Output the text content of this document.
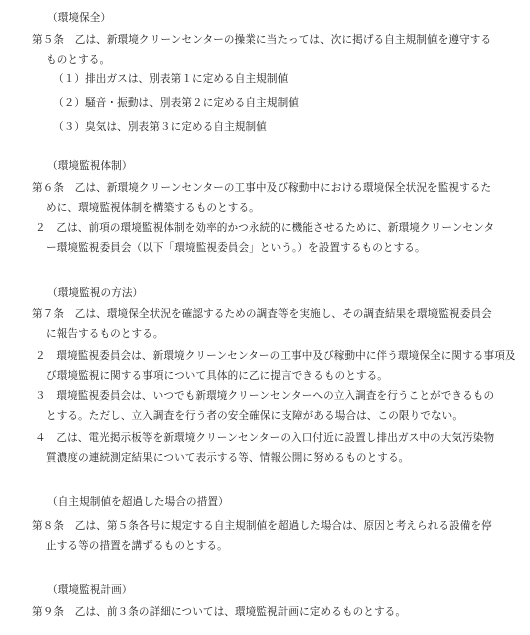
（環境保全）
第５条　乙は、新環境クリーンセンターの操業に当たっては、次に掲げる自主規制値を遵守する
ものとする。
（１）排出ガスは、別表第１に定める自主規制値
（２）騒音・振動は、別表第２に定める自主規制値
（３）臭気は、別表第３に定める自主規制値
（環境監視体制）
第６条　乙は、新環境クリーンセンターの工事中及び稼動中における環境保全状況を監視するた
めに、環境監視体制を構築するものとする。
２　乙は、前項の環境監視体制を効率的かつ永続的に機能させるために、新環境クリーンセンタ
ー環境監視委員会（以下「環境監視委員会」という。）を設置するものとする。
（環境監視の方法）
第７条　乙は、環境保全状況を確認するための調査等を実施し、その調査結果を環境監視委員会
に報告するものとする。
２　環境監視委員会は、新環境クリーンセンターの工事中及び稼動中に伴う環境保全に関する事項及
び環境監視に関する事項について具体的に乙に提言できるものとする。
３　環境監視委員会は、いつでも新環境クリーンセンターへの立入調査を行うことができるもの
とする。ただし、立入調査を行う者の安全確保に支障がある場合は、この限りでない。
４　乙は、電光掲示板等を新環境クリーンセンターの入口付近に設置し排出ガス中の大気汚染物
質濃度の連続測定結果について表示する等、情報公開に努めるものとする。
（自主規制値を超過した場合の措置）
第８条　乙は、第５条各号に規定する自主規制値を超過した場合は、原因と考えられる設備を停
止する等の措置を講ずるものとする。
（環境監視計画）
第９条　乙は、前３条の詳細については、環境監視計画に定めるものとする。
